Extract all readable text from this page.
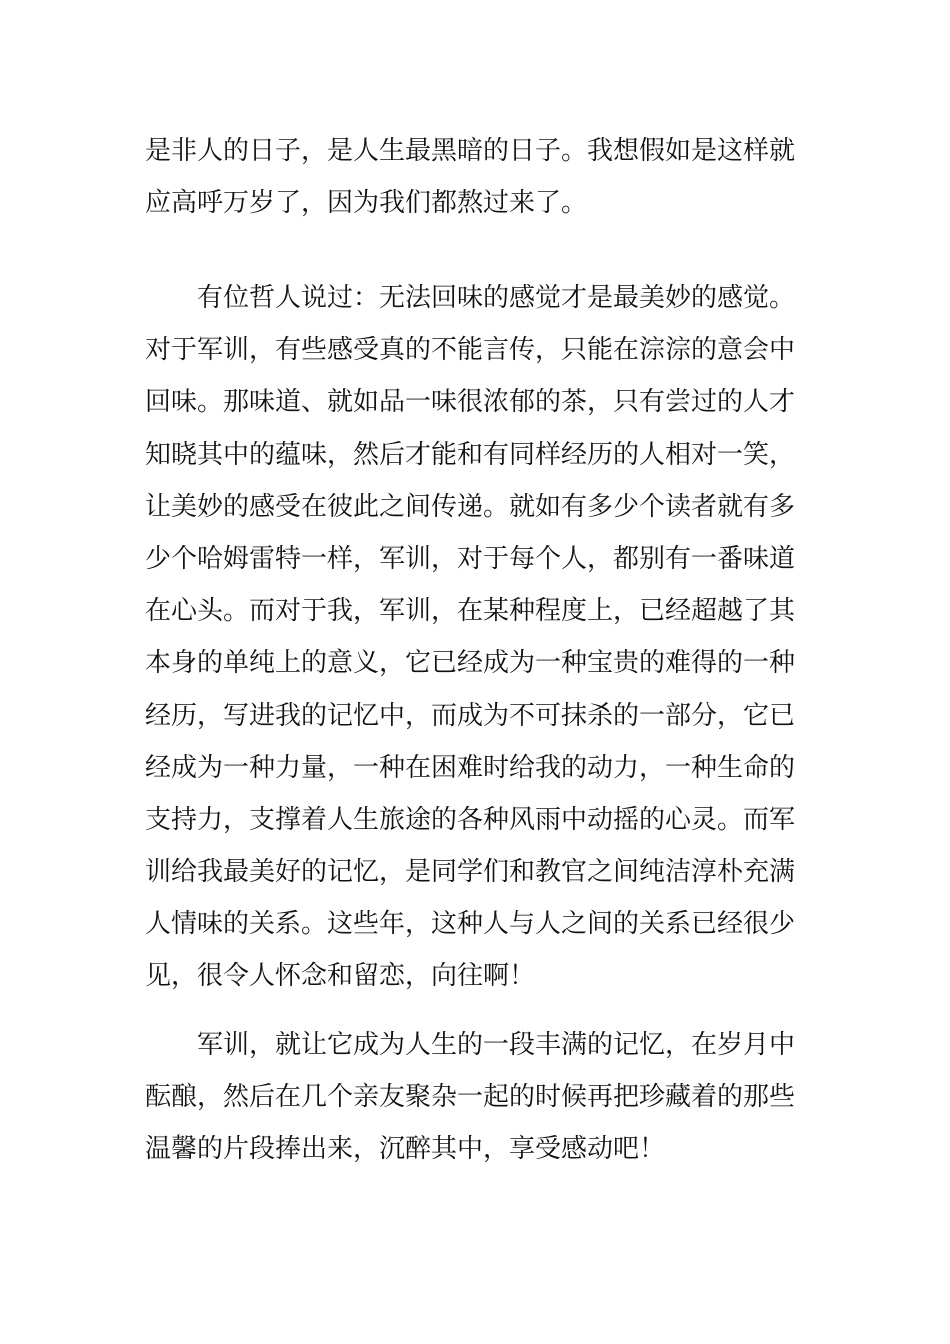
是非人的日子，是人生最黑暗的日子。我想假如是这样就
应高呼万岁了，因为我们都熬过来了。
有位哲人说过：无法回味的感觉才是最美妙的感觉。
对于军训，有些感受真的不能言传，只能在淙淙的意会中
回味。那味道、就如品一味很浓郁的茶，只有尝过的人才
知晓其中的蕴味，然后才能和有同样经历的人相对一笑，
让美妙的感受在彼此之间传递。就如有多少个读者就有多
少个哈姆雷特一样，军训，对于每个人，都别有一番味道
在心头。而对于我，军训，在某种程度上，已经超越了其
本身的单纯上的意义，它已经成为一种宝贵的难得的一种
经历，写进我的记忆中，而成为不可抹杀的一部分，它已
经成为一种力量，一种在困难时给我的动力，一种生命的
支持力，支撑着人生旅途的各种风雨中动摇的心灵。而军
训给我最美好的记忆，是同学们和教官之间纯洁淳朴充满
人情味的关系。这些年，这种人与人之间的关系已经很少
见，很令人怀念和留恋，向往啊！
军训，就让它成为人生的一段丰满的记忆，在岁月中
酝酿，然后在几个亲友聚杂一起的时候再把珍藏着的那些
温馨的片段捧出来，沉醉其中，享受感动吧！
